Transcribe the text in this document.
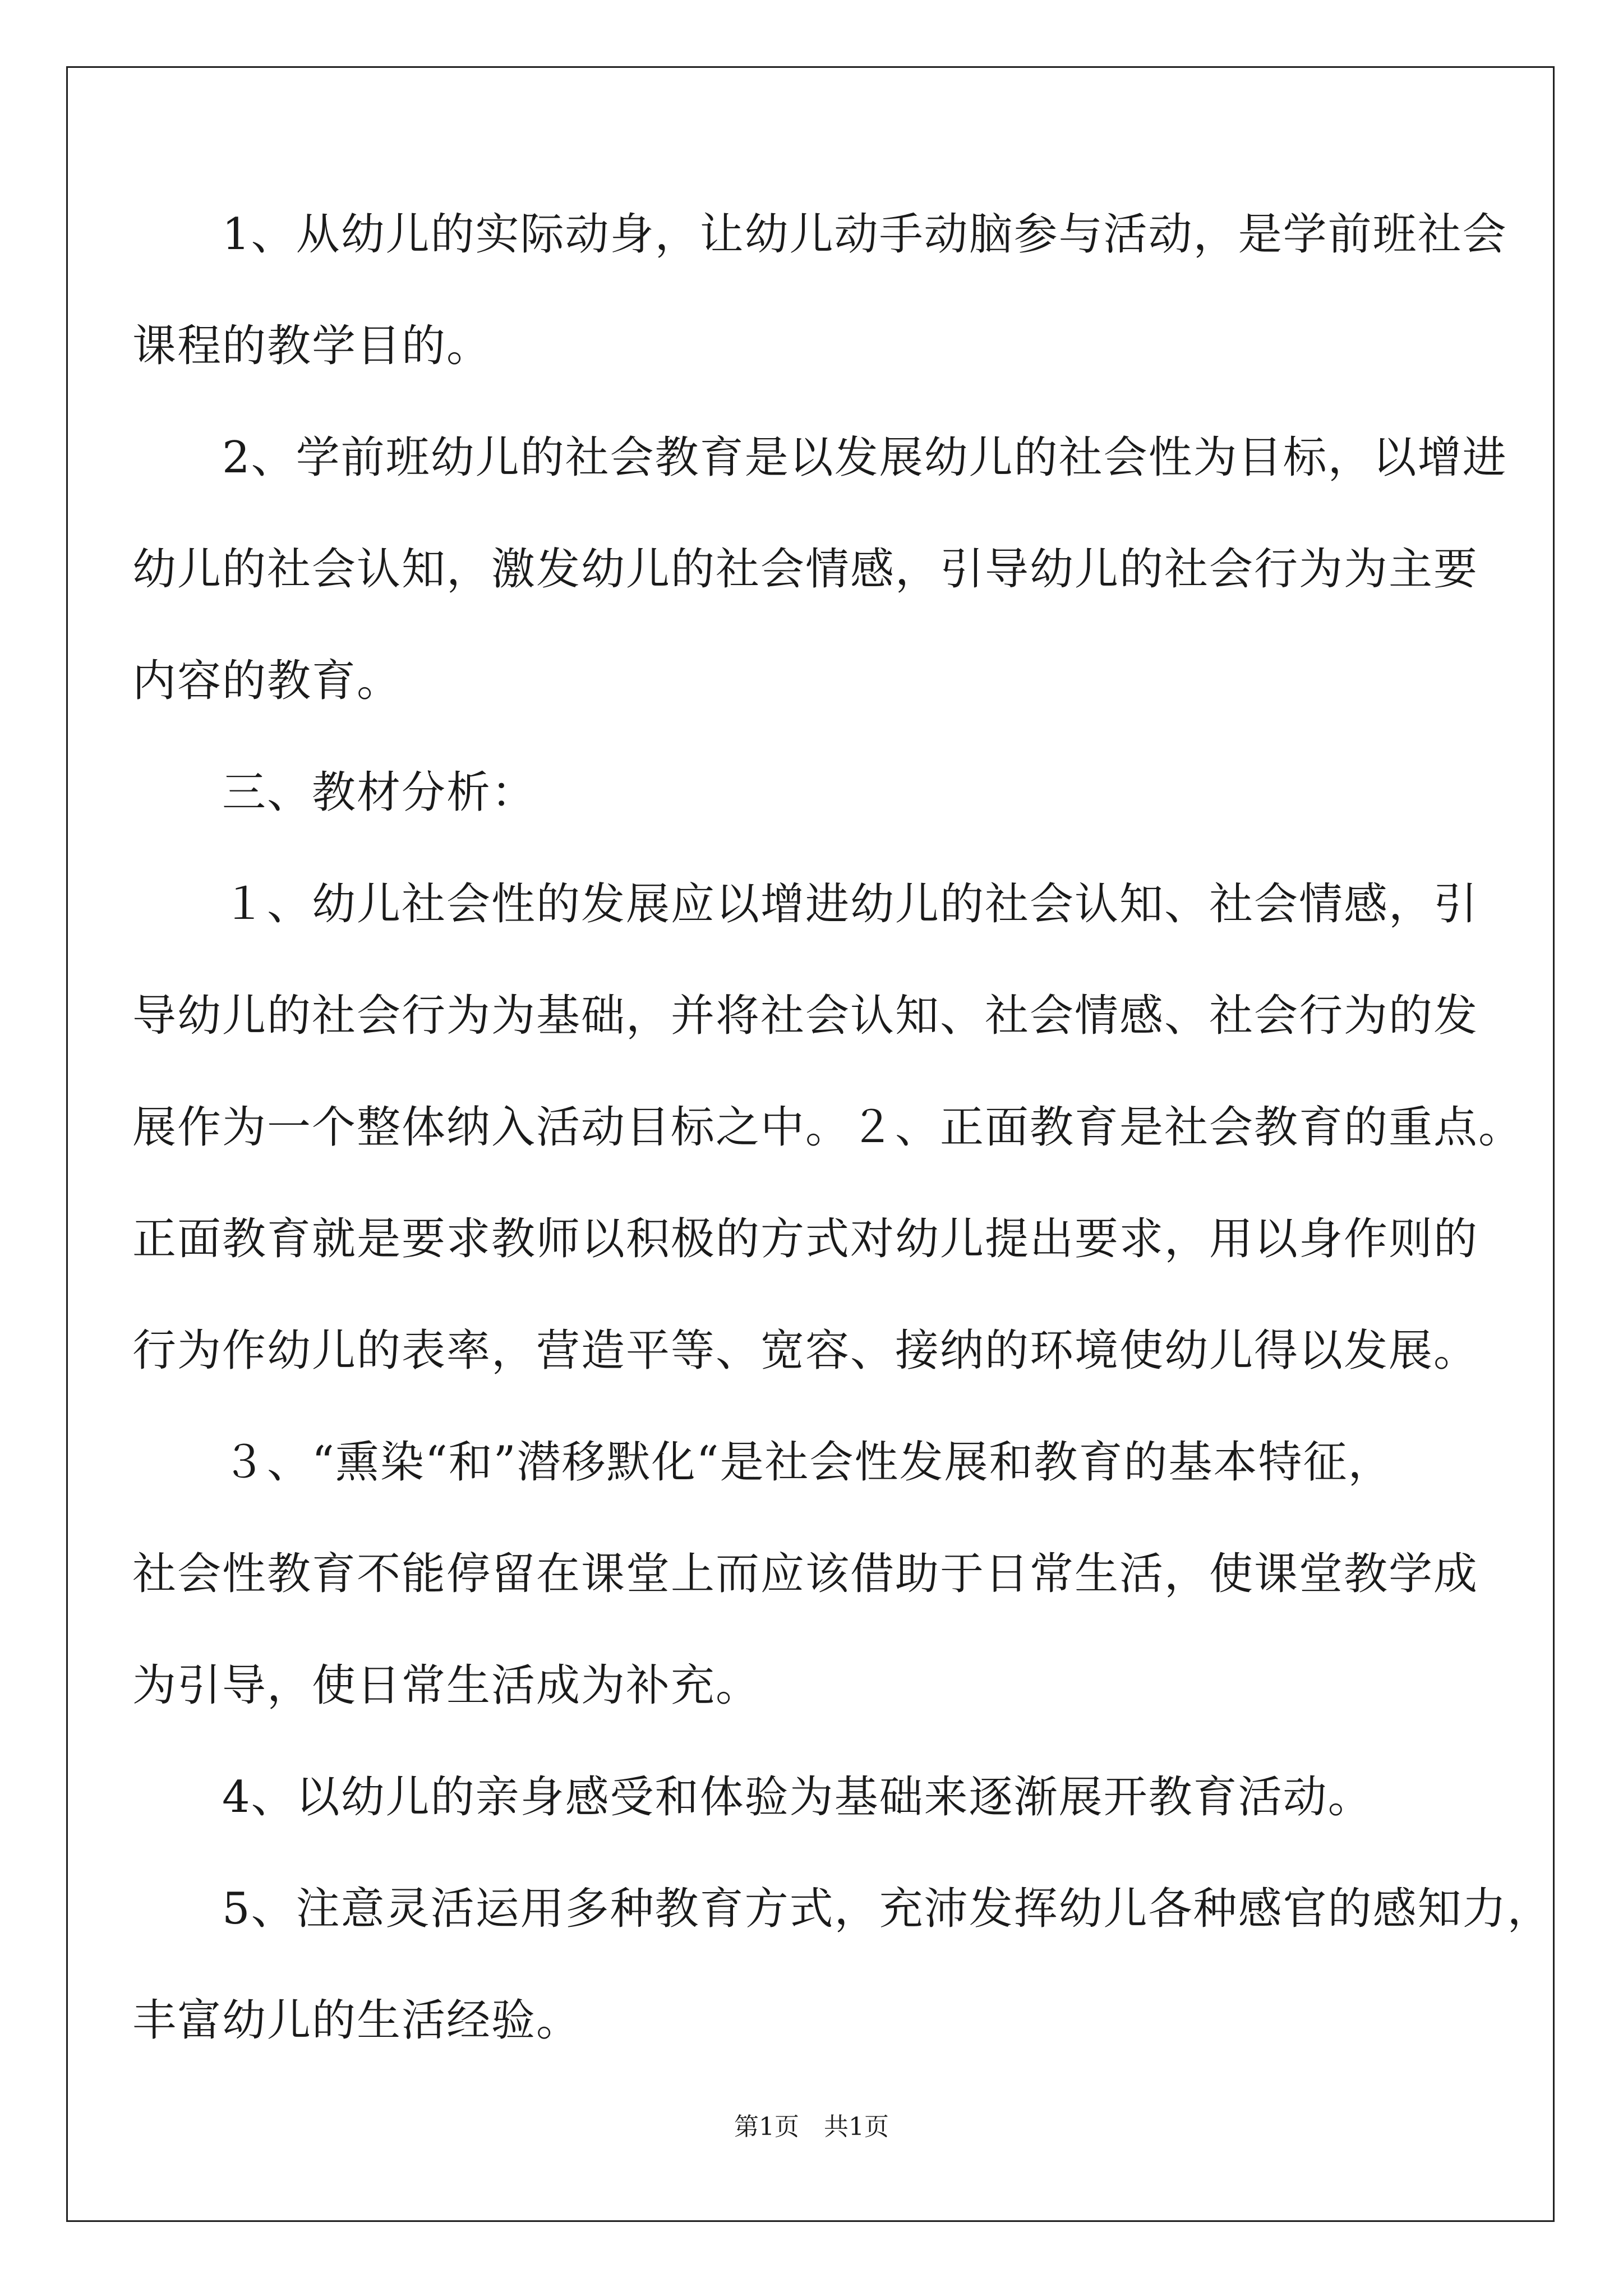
　　1、从幼儿的实际动身，让幼儿动手动脑参与活动，是学前班社会
课程的教学目的。
　　2、学前班幼儿的社会教育是以发展幼儿的社会性为目标，以增进
幼儿的社会认知，激发幼儿的社会情感，引导幼儿的社会行为为主要
内容的教育。
　　三、教材分析：
　　１、幼儿社会性的发展应以增进幼儿的社会认知、社会情感，引
导幼儿的社会行为为基础，并将社会认知、社会情感、社会行为的发
展作为一个整体纳入活动目标之中。２、正面教育是社会教育的重点。
正面教育就是要求教师以积极的方式对幼儿提出要求，用以身作则的
行为作幼儿的表率，营造平等、宽容、接纳的环境使幼儿得以发展。
　　３、“熏染“和”潜移默化“是社会性发展和教育的基本特征，
社会性教育不能停留在课堂上而应该借助于日常生活，使课堂教学成
为引导，使日常生活成为补充。
　　4、以幼儿的亲身感受和体验为基础来逐渐展开教育活动。
　　5、注意灵活运用多种教育方式，充沛发挥幼儿各种感官的感知力，
丰富幼儿的生活经验。
第1页　共1页
